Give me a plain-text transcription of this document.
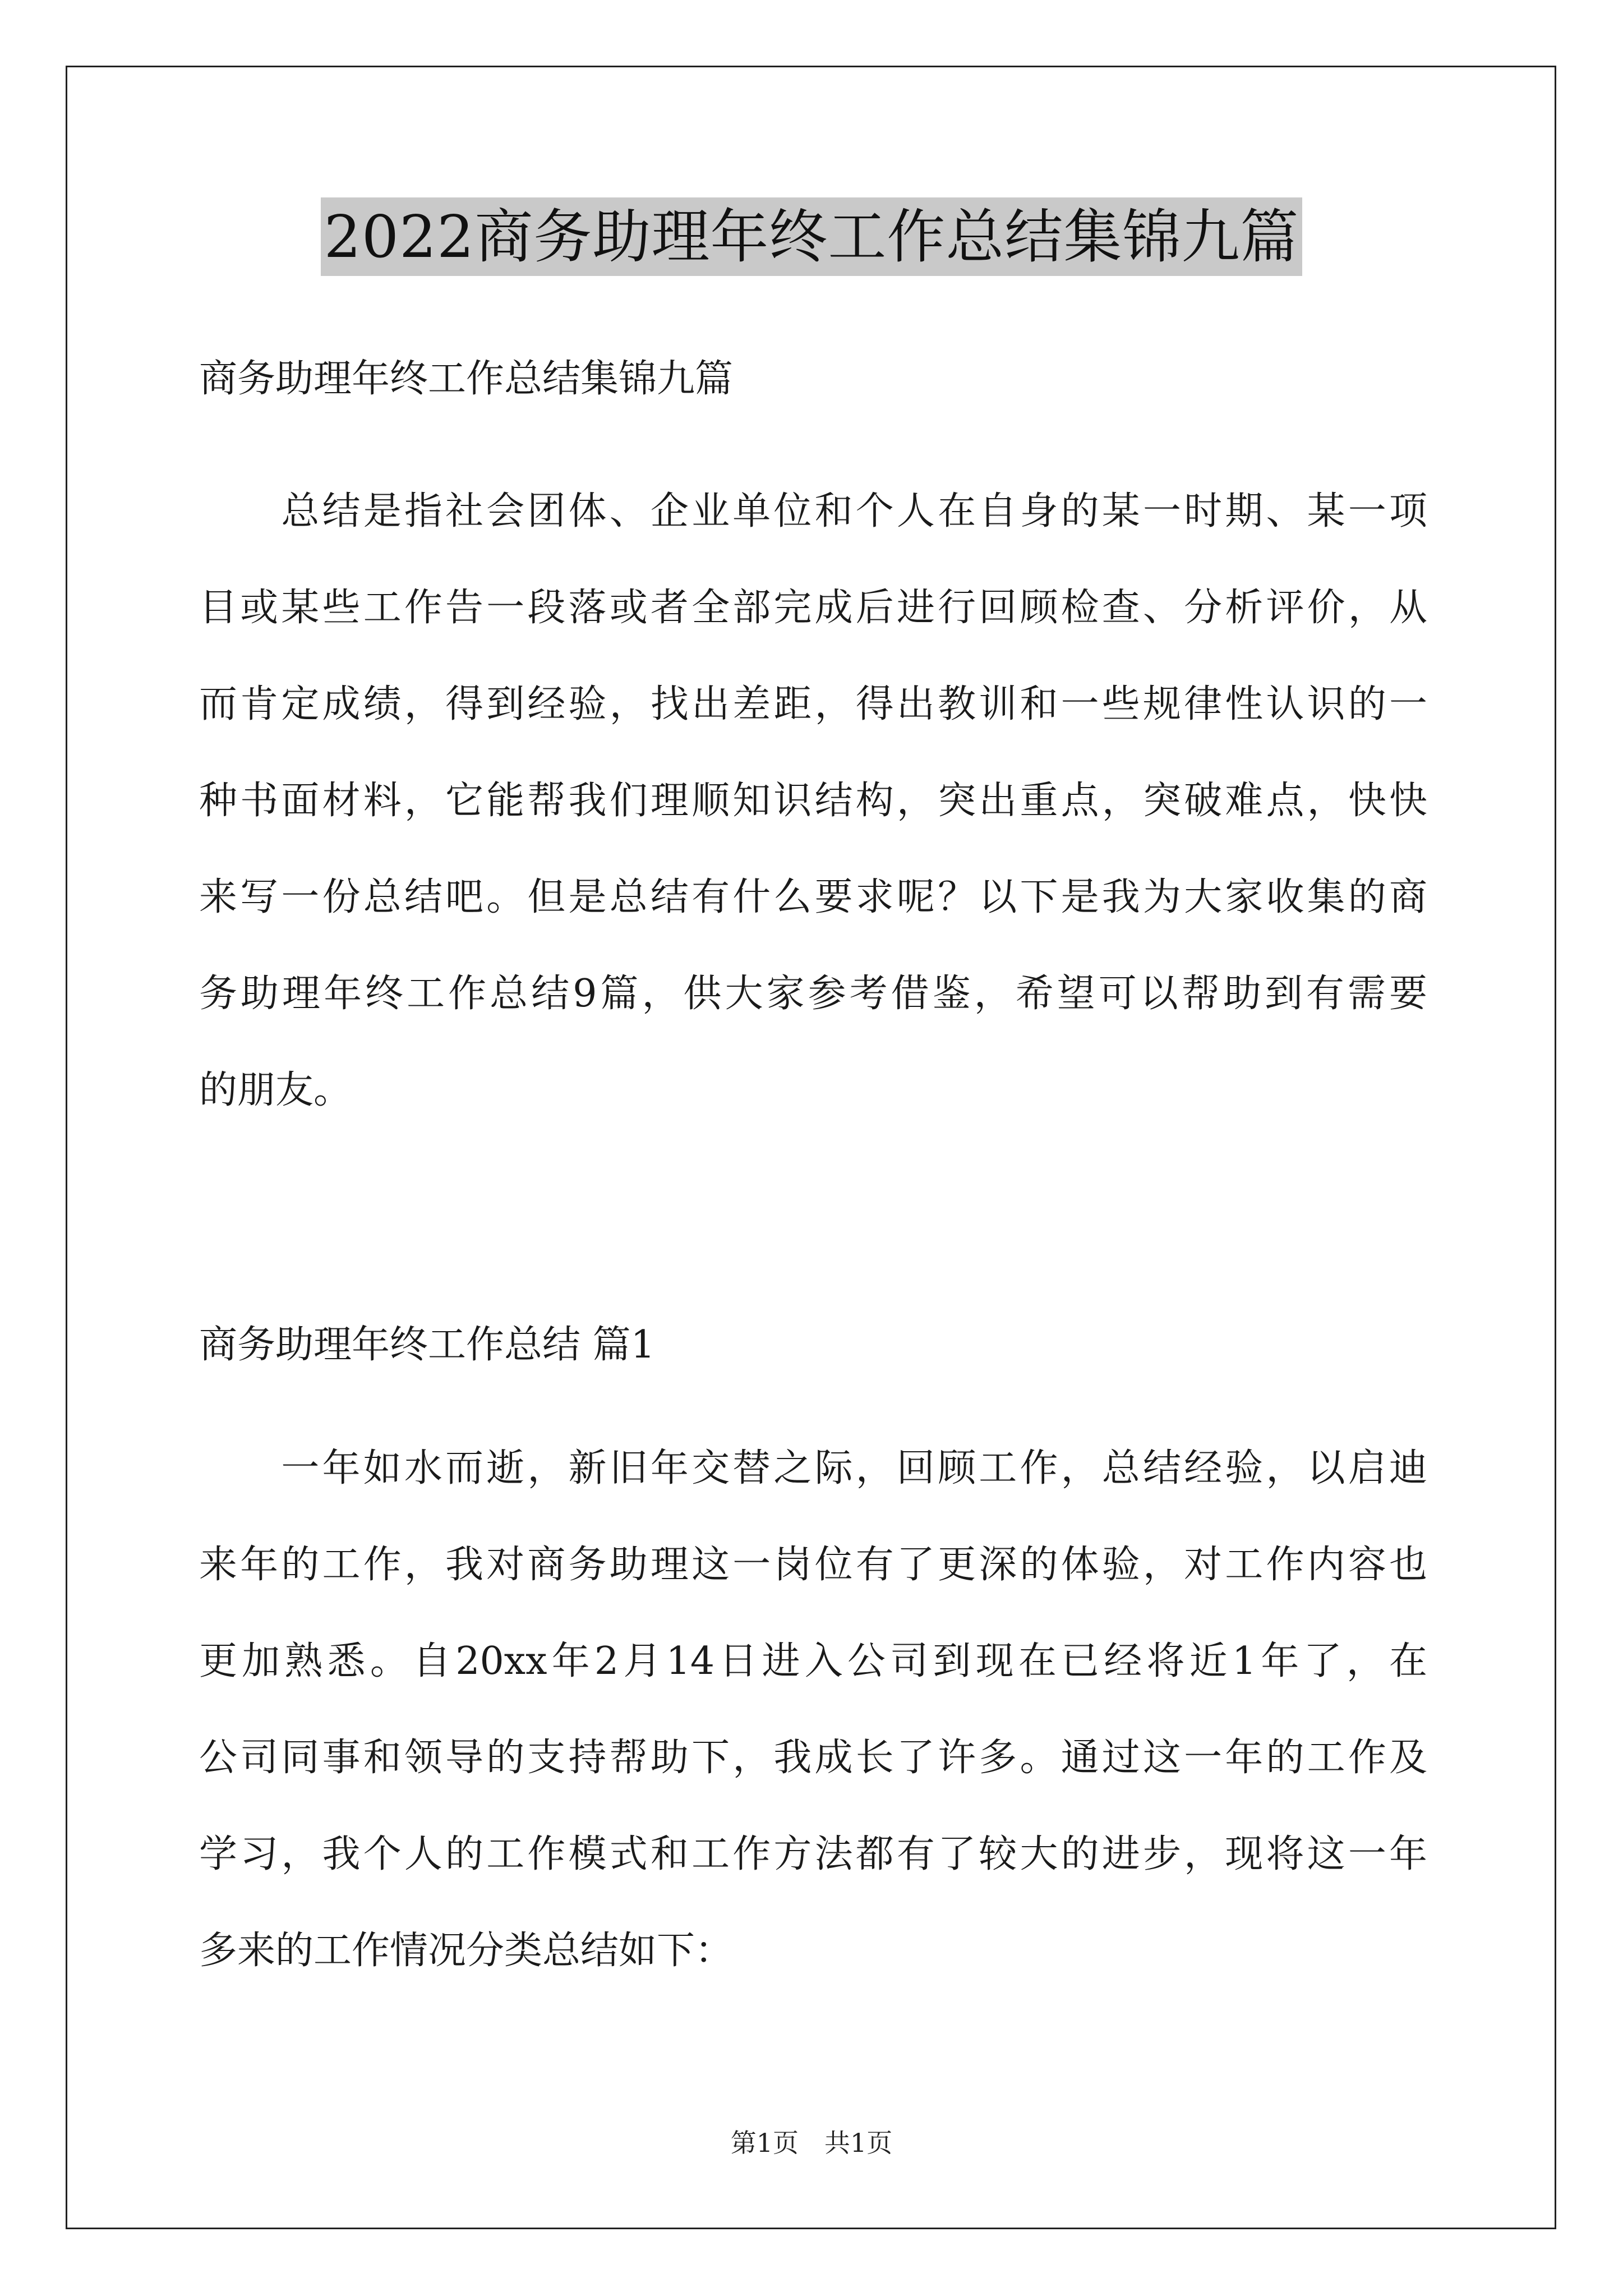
2022商务助理年终工作总结集锦九篇
商务助理年终工作总结集锦九篇
　　总结是指社会团体、企业单位和个人在自身的某一时期、某一项
目或某些工作告一段落或者全部完成后进行回顾检查、分析评价，从
而肯定成绩，得到经验，找出差距，得出教训和一些规律性认识的一
种书面材料，它能帮我们理顺知识结构，突出重点，突破难点，快快
来写一份总结吧。但是总结有什么要求呢？以下是我为大家收集的商
务助理年终工作总结9篇，供大家参考借鉴，希望可以帮助到有需要
的朋友。
商务助理年终工作总结 篇1
　　一年如水而逝，新旧年交替之际，回顾工作，总结经验，以启迪
来年的工作，我对商务助理这一岗位有了更深的体验，对工作内容也
更加熟悉。自20xx年2月14日进入公司到现在已经将近1年了，在
公司同事和领导的支持帮助下，我成长了许多。通过这一年的工作及
学习，我个人的工作模式和工作方法都有了较大的进步，现将这一年
多来的工作情况分类总结如下：
第1页　共1页
